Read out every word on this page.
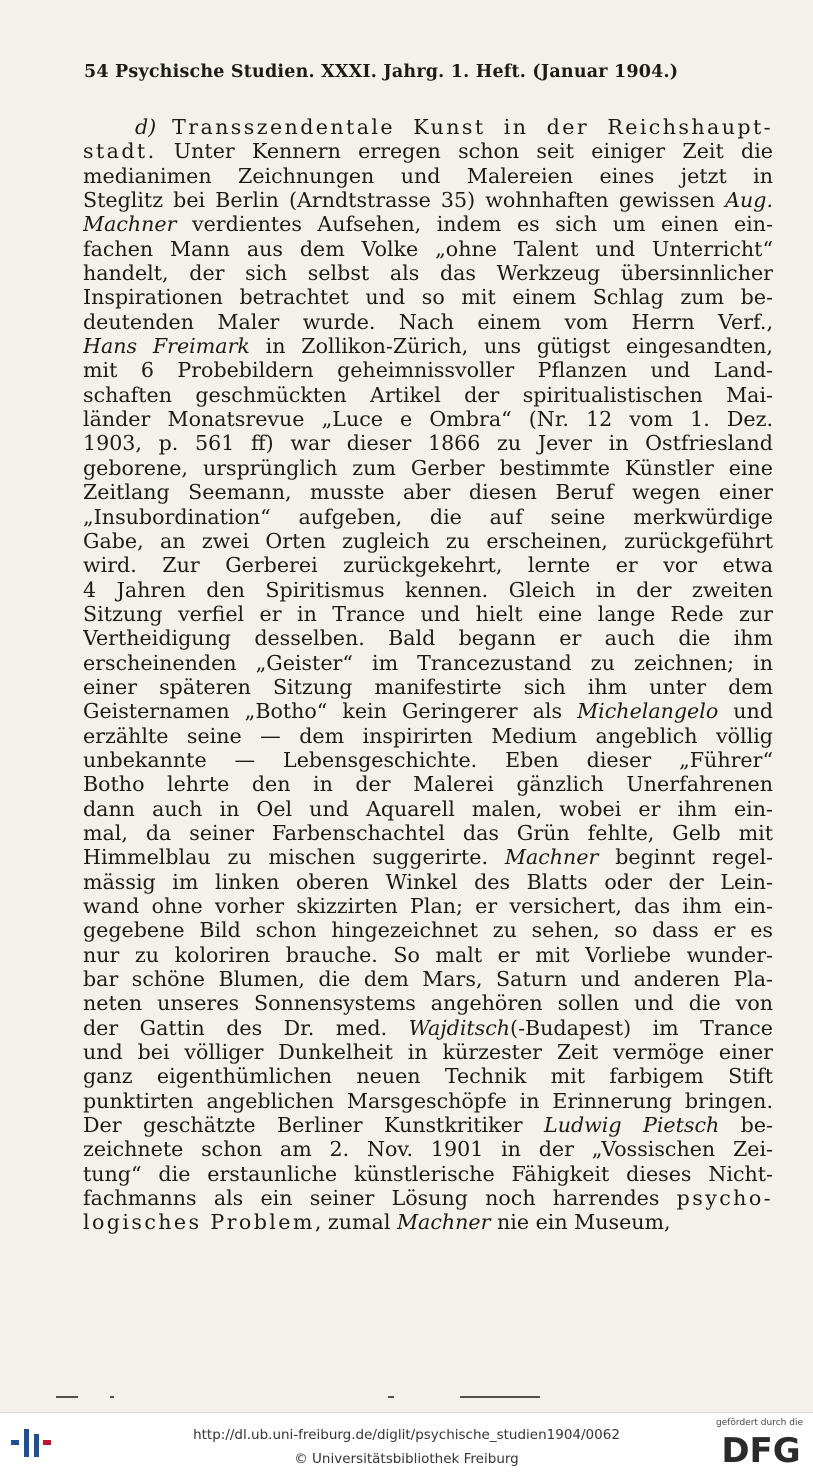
54 Psychische Studien. XXXI. Jahrg. 1. Heft. (Januar 1904.)
d) Transszendentale Kunst in der Reichshaupt-
stadt. Unter Kennern erregen schon seit einiger Zeit die
medianimen Zeichnungen und Malereien eines jetzt in
Steglitz bei Berlin (Arndtstrasse 35) wohnhaften gewissen Aug.
Machner verdientes Aufsehen, indem es sich um einen ein-
fachen Mann aus dem Volke „ohne Talent und Unterricht“
handelt, der sich selbst als das Werkzeug übersinnlicher
Inspirationen betrachtet und so mit einem Schlag zum be-
deutenden Maler wurde. Nach einem vom Herrn Verf.,
Hans Freimark in Zollikon-Zürich, uns gütigst eingesandten,
mit 6 Probebildern geheimnissvoller Pflanzen und Land-
schaften geschmückten Artikel der spiritualistischen Mai-
länder Monatsrevue „Luce e Ombra“ (Nr. 12 vom 1. Dez.
1903, p. 561 ff) war dieser 1866 zu Jever in Ostfriesland
geborene, ursprünglich zum Gerber bestimmte Künstler eine
Zeitlang Seemann, musste aber diesen Beruf wegen einer
„Insubordination“ aufgeben, die auf seine merkwürdige
Gabe, an zwei Orten zugleich zu erscheinen, zurückgeführt
wird. Zur Gerberei zurückgekehrt, lernte er vor etwa
4 Jahren den Spiritismus kennen. Gleich in der zweiten
Sitzung verfiel er in Trance und hielt eine lange Rede zur
Vertheidigung desselben. Bald begann er auch die ihm
erscheinenden „Geister“ im Trancezustand zu zeichnen; in
einer späteren Sitzung manifestirte sich ihm unter dem
Geisternamen „Botho“ kein Geringerer als Michelangelo und
erzählte seine — dem inspirirten Medium angeblich völlig
unbekannte — Lebensgeschichte. Eben dieser „Führer“
Botho lehrte den in der Malerei gänzlich Unerfahrenen
dann auch in Oel und Aquarell malen, wobei er ihm ein-
mal, da seiner Farbenschachtel das Grün fehlte, Gelb mit
Himmelblau zu mischen suggerirte. Machner beginnt regel-
mässig im linken oberen Winkel des Blatts oder der Lein-
wand ohne vorher skizzirten Plan; er versichert, das ihm ein-
gegebene Bild schon hingezeichnet zu sehen, so dass er es
nur zu koloriren brauche. So malt er mit Vorliebe wunder-
bar schöne Blumen, die dem Mars, Saturn und anderen Pla-
neten unseres Sonnensystems angehören sollen und die von
der Gattin des Dr. med. Wajditsch(-Budapest) im Trance
und bei völliger Dunkelheit in kürzester Zeit vermöge einer
ganz eigenthümlichen neuen Technik mit farbigem Stift
punktirten angeblichen Marsgeschöpfe in Erinnerung bringen.
Der geschätzte Berliner Kunstkritiker Ludwig Pietsch be-
zeichnete schon am 2. Nov. 1901 in der „Vossischen Zei-
tung“ die erstaunliche künstlerische Fähigkeit dieses Nicht-
fachmanns als ein seiner Lösung noch harrendes psycho-
logisches Problem, zumal Machner nie ein Museum,
http://dl.ub.uni-freiburg.de/diglit/psychische_studien1904/0062
© Universitätsbibliothek Freiburg
gefördert durch die
DFG
